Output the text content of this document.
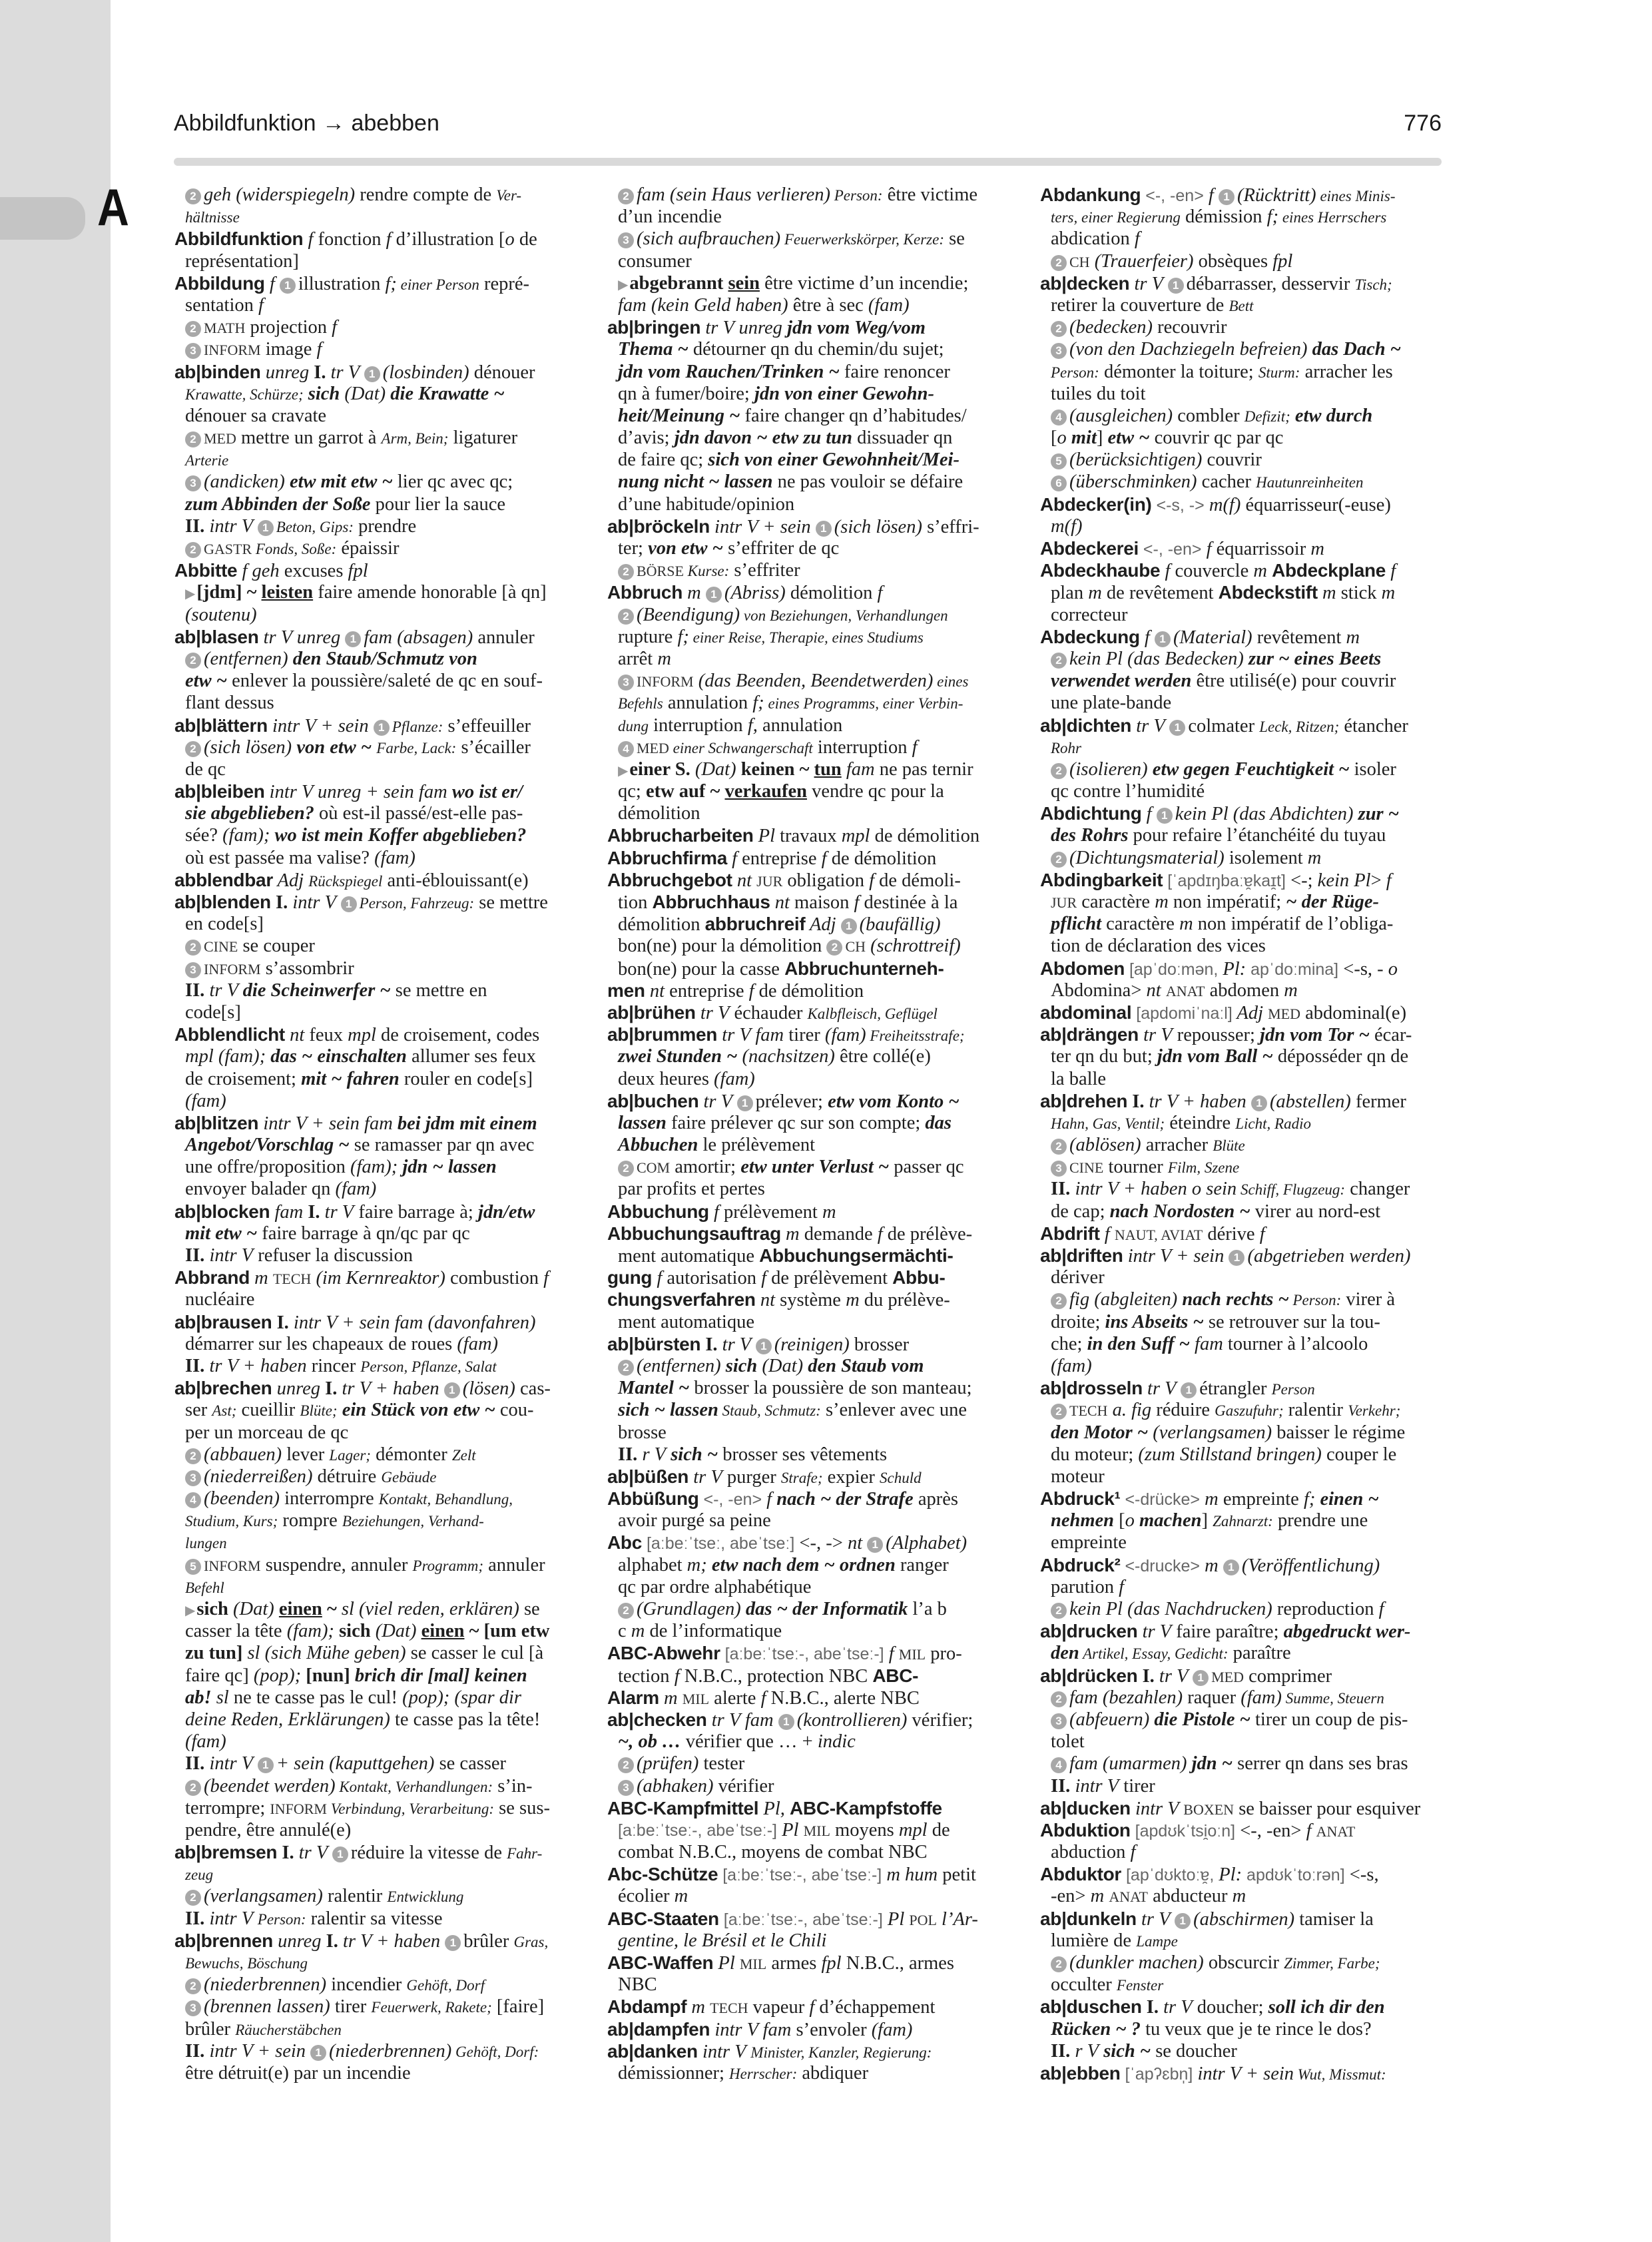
A
Abbildfunktion → abebben	776
2 geh (widerspiegeln) rendre compte de Ver-
hältnisse
Abbildfunktion f fonction f d’illustration [o de
représentation]
Abbildung f 1 illustration f; einer Person repré-
sentation f
2 MATH projection f
3 INFORM image f
ab|binden unreg I. tr V 1 (losbinden) dénouer
Krawatte, Schürze; sich (Dat) die Krawatte ~
dénouer sa cravate
2 MED mettre un garrot à Arm, Bein; ligaturer
Arterie
3 (andicken) etw mit etw ~ lier qc avec qc;
zum Abbinden der Soße pour lier la sauce
II. intr V 1 Beton, Gips: prendre
2 GASTR Fonds, Soße: épaissir
Abbitte f geh excuses fpl
▶[jdm] ~ leisten faire amende honorable [à qn]
(soutenu)
ab|blasen tr V unreg 1 fam (absagen) annuler
2 (entfernen) den Staub/Schmutz von
etw ~ enlever la poussière/saleté de qc en souf-
flant dessus
ab|blättern intr V + sein 1 Pflanze: s’effeuiller
2 (sich lösen) von etw ~ Farbe, Lack: s’écailler
de qc
ab|bleiben intr V unreg + sein fam wo ist er/
sie abgeblieben? où est-il passé/est-elle pas-
sée? (fam); wo ist mein Koffer abgeblieben?
où est passée ma valise? (fam)
abblendbar Adj Rückspiegel anti-éblouissant(e)
ab|blenden I. intr V 1 Person, Fahrzeug: se mettre
en code[s]
2 CINE se couper
3 INFORM s’assombrir
II. tr V die Scheinwerfer ~ se mettre en
code[s]
Abblendlicht nt feux mpl de croisement, codes
mpl (fam); das ~ einschalten allumer ses feux
de croisement; mit ~ fahren rouler en code[s]
(fam)
ab|blitzen intr V + sein fam bei jdm mit einem
Angebot/Vorschlag ~ se ramasser par qn avec
une offre/proposition (fam); jdn ~ lassen
envoyer balader qn (fam)
ab|blocken fam I. tr V faire barrage à; jdn/etw
mit etw ~ faire barrage à qn/qc par qc
II. intr V refuser la discussion
Abbrand m TECH (im Kernreaktor) combustion f
nucléaire
ab|brausen I. intr V + sein fam (davonfahren)
démarrer sur les chapeaux de roues (fam)
II. tr V + haben rincer Person, Pflanze, Salat
ab|brechen unreg I. tr V + haben 1 (lösen) cas-
ser Ast; cueillir Blüte; ein Stück von etw ~ cou-
per un morceau de qc
2 (abbauen) lever Lager; démonter Zelt
3 (niederreißen) détruire Gebäude
4 (beenden) interrompre Kontakt, Behandlung,
Studium, Kurs; rompre Beziehungen, Verhand-
lungen
5 INFORM suspendre, annuler Programm; annuler
Befehl
▶sich (Dat) einen ~ sl (viel reden, erklären) se
casser la tête (fam); sich (Dat) einen ~ [um etw
zu tun] sl (sich Mühe geben) se casser le cul [à
faire qc] (pop); [nun] brich dir [mal] keinen
ab! sl ne te casse pas le cul! (pop); (spar dir
deine Reden, Erklärungen) te casse pas la tête!
(fam)
II. intr V 1 + sein (kaputtgehen) se casser
2 (beendet werden) Kontakt, Verhandlungen: s’in-
terrompre; INFORM Verbindung, Verarbeitung: se sus-
pendre, être annulé(e)
ab|bremsen I. tr V 1 réduire la vitesse de Fahr-
zeug
2 (verlangsamen) ralentir Entwicklung
II. intr V Person: ralentir sa vitesse
ab|brennen unreg I. tr V + haben 1 brûler Gras,
Bewuchs, Böschung
2 (niederbrennen) incendier Gehöft, Dorf
3 (brennen lassen) tirer Feuerwerk, Rakete; [faire]
brûler Räucherstäbchen
II. intr V + sein 1 (niederbrennen) Gehöft, Dorf:
être détruit(e) par un incendie
2 fam (sein Haus verlieren) Person: être victime
d’un incendie
3 (sich aufbrauchen) Feuerwerkskörper, Kerze: se
consumer
▶abgebrannt sein être victime d’un incendie;
fam (kein Geld haben) être à sec (fam)
ab|bringen tr V unreg jdn vom Weg/vom
Thema ~ détourner qn du chemin/du sujet;
jdn vom Rauchen/Trinken ~ faire renoncer
qn à fumer/boire; jdn von einer Gewohn-
heit/Meinung ~ faire changer qn d’habitudes/
d’avis; jdn davon ~ etw zu tun dissuader qn
de faire qc; sich von einer Gewohnheit/Mei-
nung nicht ~ lassen ne pas vouloir se défaire
d’une habitude/opinion
ab|bröckeln intr V + sein 1 (sich lösen) s’effri-
ter; von etw ~ s’effriter de qc
2 BÖRSE Kurse: s’effriter
Abbruch m 1 (Abriss) démolition f
2 (Beendigung) von Beziehungen, Verhandlungen
rupture f; einer Reise, Therapie, eines Studiums
arrêt m
3 INFORM (das Beenden, Beendetwerden) eines
Befehls annulation f; eines Programms, einer Verbin-
dung interruption f, annulation
4 MED einer Schwangerschaft interruption f
▶einer S. (Dat) keinen ~ tun fam ne pas ternir
qc; etw auf ~ verkaufen vendre qc pour la
démolition
Abbrucharbeiten Pl travaux mpl de démolition
Abbruchfirma f entreprise f de démolition
Abbruchgebot nt JUR obligation f de démoli-
tion Abbruchhaus nt maison f destinée à la
démolition abbruchreif Adj 1 (baufällig)
bon(ne) pour la démolition 2 CH (schrottreif)
bon(ne) pour la casse Abbruchunterneh-
men nt entreprise f de démolition
ab|brühen tr V échauder Kalbfleisch, Geflügel
ab|brummen tr V fam tirer (fam) Freiheitsstrafe;
zwei Stunden ~ (nachsitzen) être collé(e)
deux heures (fam)
ab|buchen tr V 1 prélever; etw vom Konto ~
lassen faire prélever qc sur son compte; das
Abbuchen le prélèvement
2 COM amortir; etw unter Verlust ~ passer qc
par profits et pertes
Abbuchung f prélèvement m
Abbuchungsauftrag m demande f de prélève-
ment automatique Abbuchungsermächti-
gung f autorisation f de prélèvement Abbu-
chungsverfahren nt système m du prélève-
ment automatique
ab|bürsten I. tr V 1 (reinigen) brosser
2 (entfernen) sich (Dat) den Staub vom
Mantel ~ brosser la poussière de son manteau;
sich ~ lassen Staub, Schmutz: s’enlever avec une
brosse
II. r V sich ~ brosser ses vêtements
ab|büßen tr V purger Strafe; expier Schuld
Abbüßung <-, -en> f nach ~ der Strafe après
avoir purgé sa peine
Abc [aːbeːˈtseː, abeˈtseː] <-, -> nt 1 (Alphabet)
alphabet m; etw nach dem ~ ordnen ranger
qc par ordre alphabétique
2 (Grundlagen) das ~ der Informatik l’a b
c m de l’informatique
ABC-Abwehr [aːbeːˈtseː-, abeˈtseː-] f MIL pro-
tection f N.B.C., protection NBC ABC-
Alarm m MIL alerte f N.B.C., alerte NBC
ab|checken tr V fam 1 (kontrollieren) vérifier;
~, ob … vérifier que … + indic
2 (prüfen) tester
3 (abhaken) vérifier
ABC-Kampfmittel Pl, ABC-Kampfstoffe
[aːbeːˈtseː-, abeˈtseː-] Pl MIL moyens mpl de
combat N.B.C., moyens de combat NBC
Abc-Schütze [aːbeːˈtseː-, abeˈtseː-] m hum petit
écolier m
ABC-Staaten [aːbeːˈtseː-, abeˈtseː-] Pl POL l’Ar-
gentine, le Brésil et le Chili
ABC-Waffen Pl MIL armes fpl N.B.C., armes
NBC
Abdampf m TECH vapeur f d’échappement
ab|dampfen intr V fam s’envoler (fam)
ab|danken intr V Minister, Kanzler, Regierung:
démissionner; Herrscher: abdiquer
Abdankung <-, -en> f 1 (Rücktritt) eines Minis-
ters, einer Regierung démission f; eines Herrschers
abdication f
2 CH (Trauerfeier) obsèques fpl
ab|decken tr V 1 débarrasser, desservir Tisch;
retirer la couverture de Bett
2 (bedecken) recouvrir
3 (von den Dachziegeln befreien) das Dach ~
Person: démonter la toiture; Sturm: arracher les
tuiles du toit
4 (ausgleichen) combler Defizit; etw durch
[o mit] etw ~ couvrir qc par qc
5 (berücksichtigen) couvrir
6 (überschminken) cacher Hautunreinheiten
Abdecker(in) <-s, -> m(f) équarrisseur(-euse)
m(f)
Abdeckerei <-, -en> f équarrissoir m
Abdeckhaube f couvercle m Abdeckplane f
plan m de revêtement Abdeckstift m stick m
correcteur
Abdeckung f 1 (Material) revêtement m
2 kein Pl (das Bedecken) zur ~ eines Beets
verwendet werden être utilisé(e) pour couvrir
une plate-bande
ab|dichten tr V 1 colmater Leck, Ritzen; étancher
Rohr
2 (isolieren) etw gegen Feuchtigkeit ~ isoler
qc contre l’humidité
Abdichtung f 1 kein Pl (das Abdichten) zur ~
des Rohrs pour refaire l’étanchéité du tuyau
2 (Dichtungsmaterial) isolement m
Abdingbarkeit [ˈapdɪŋbaːɐ̯kaɪ̯t] <-; kein Pl> f
JUR caractère m non impératif; ~ der Rüge-
pflicht caractère m non impératif de l’obliga-
tion de déclaration des vices
Abdomen [apˈdoːmən, Pl: apˈdoːmina] <-s, - o
Abdomina> nt ANAT abdomen m
abdominal [apdomiˈnaːl] Adj MED abdominal(e)
ab|drängen tr V repousser; jdn vom Tor ~ écar-
ter qn du but; jdn vom Ball ~ déposséder qn de
la balle
ab|drehen I. tr V + haben 1 (abstellen) fermer
Hahn, Gas, Ventil; éteindre Licht, Radio
2 (ablösen) arracher Blüte
3 CINE tourner Film, Szene
II. intr V + haben o sein Schiff, Flugzeug: changer
de cap; nach Nordosten ~ virer au nord-est
Abdrift f NAUT, AVIAT dérive f
ab|driften intr V + sein 1 (abgetrieben werden)
dériver
2 fig (abgleiten) nach rechts ~ Person: virer à
droite; ins Abseits ~ se retrouver sur la tou-
che; in den Suff ~ fam tourner à l’alcoolo
(fam)
ab|drosseln tr V 1 étrangler Person
2 TECH a. fig réduire Gaszufuhr; ralentir Verkehr;
den Motor ~ (verlangsamen) baisser le régime
du moteur; (zum Stillstand bringen) couper le
moteur
Abdruck¹ <-drücke> m empreinte f; einen ~
nehmen [o machen] Zahnarzt: prendre une
empreinte
Abdruck² <-drucke> m 1 (Veröffentlichung)
parution f
2 kein Pl (das Nachdrucken) reproduction f
ab|drucken tr V faire paraître; abgedruckt wer-
den Artikel, Essay, Gedicht: paraître
ab|drücken I. tr V 1 MED comprimer
2 fam (bezahlen) raquer (fam) Summe, Steuern
3 (abfeuern) die Pistole ~ tirer un coup de pis-
tolet
4 fam (umarmen) jdn ~ serrer qn dans ses bras
II. intr V tirer
ab|ducken intr V BOXEN se baisser pour esquiver
Abduktion [apdʊkˈtsi̯oːn] <-, -en> f ANAT
abduction f
Abduktor [apˈdʊktoːɐ̯, Pl: apdʊkˈtoːrən] <-s,
-en> m ANAT abducteur m
ab|dunkeln tr V 1 (abschirmen) tamiser la
lumière de Lampe
2 (dunkler machen) obscurcir Zimmer, Farbe;
occulter Fenster
ab|duschen I. tr V doucher; soll ich dir den
Rücken ~ ? tu veux que je te rince le dos?
II. r V sich ~ se doucher
ab|ebben [ˈapʔɛbn̩] intr V + sein Wut, Missmut:
